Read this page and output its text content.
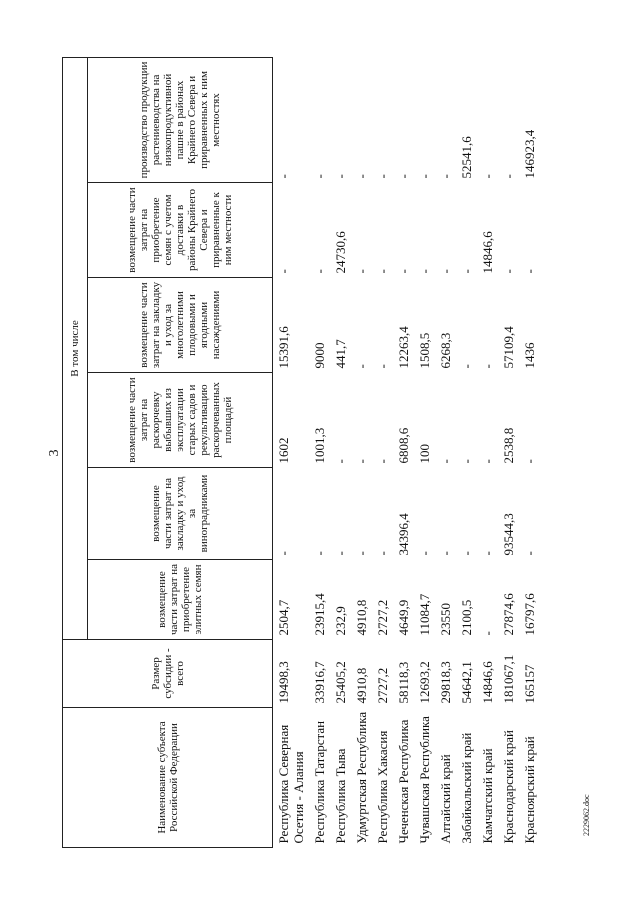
3
2229062.doc
Наименование субъекта Российской Федерации	Размер субсидии - всего	В том числе					
		возмещение части затрат на приобретение элитных семян	возмещение части затрат на закладку и уход за виноградниками	возмещение части затрат на раскорчевку выбывших из эксплуатации старых садов и рекультивацию раскорчеванных площадей	возмещение части затрат на закладку и уход за многолетними плодовыми и ягодными насаждениями	возмещение части затрат на приобретение семян с учетом доставки в районы Крайнего Севера и приравненные к ним местности	производство продукции растениеводства на низкопродуктивной пашне в районах Крайнего Севера и приравненных к ним местностях
Республика Северная Осетия - Алания	19498,3	2504,7	-	1602	15391,6	-	-
Республика Татарстан	33916,7	23915,4	-	1001,3	9000	-	-
Республика Тыва	25405,2	232,9	-	-	441,7	24730,6	-
Удмуртская Республика	4910,8	4910,8	-	-	-	-	-
Республика Хакасия	2727,2	2727,2	-	-	-	-	-
Чеченская Республика	58118,3	4649,9	34396,4	6808,6	12263,4	-	-
Чувашская Республика	12693,2	11084,7	-	100	1508,5	-	-
Алтайский край	29818,3	23550	-	-	6268,3	-	-
Забайкальский край	54642,1	2100,5	-	-	-	-	52541,6
Камчатский край	14846,6	-	-	-	-	14846,6	-
Краснодарский край	181067,1	27874,6	93544,3	2538,8	57109,4	-	-
Красноярский край	165157	16797,6	-	-	1436	-	146923,4
